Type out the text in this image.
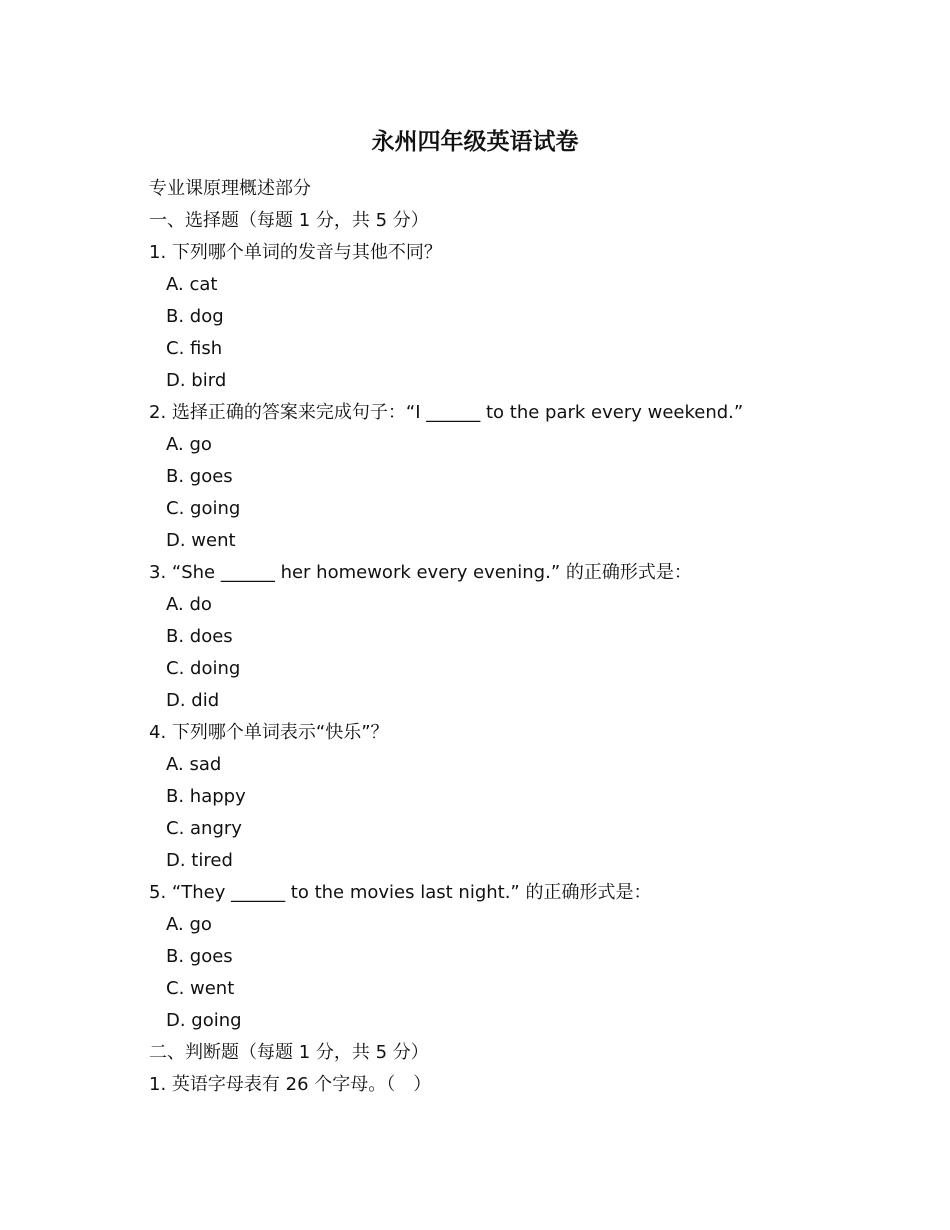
永州四年级英语试卷
专业课原理概述部分
一、选择题（每题 1 分，共 5 分）
1. 下列哪个单词的发音与其他不同？
A. cat
B. dog
C. fish
D. bird
2. 选择正确的答案来完成句子：“I ______ to the park every weekend.”
A. go
B. goes
C. going
D. went
3. “She ______ her homework every evening.” 的正确形式是：
A. do
B. does
C. doing
D. did
4. 下列哪个单词表示“快乐”？
A. sad
B. happy
C. angry
D. tired
5. “They ______ to the movies last night.” 的正确形式是：
A. go
B. goes
C. went
D. going
二、判断题（每题 1 分，共 5 分）
1. 英语字母表有 26 个字母。（　）
